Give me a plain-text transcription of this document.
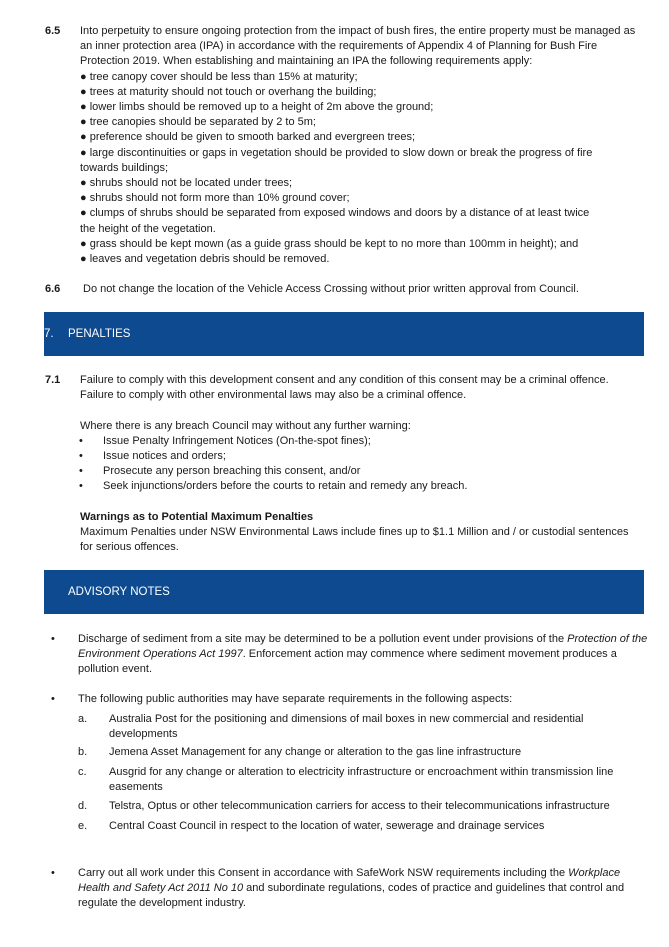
6.5 Into perpetuity to ensure ongoing protection from the impact of bush fires, the entire property must be managed as
an inner protection area (IPA) in accordance with the requirements of Appendix 4 of Planning for Bush Fire
Protection 2019. When establishing and maintaining an IPA the following requirements apply:
● tree canopy cover should be less than 15% at maturity;
● trees at maturity should not touch or overhang the building;
● lower limbs should be removed up to a height of 2m above the ground;
● tree canopies should be separated by 2 to 5m;
● preference should be given to smooth barked and evergreen trees;
● large discontinuities or gaps in vegetation should be provided to slow down or break the progress of fire
towards buildings;
● shrubs should not be located under trees;
● shrubs should not form more than 10% ground cover;
● clumps of shrubs should be separated from exposed windows and doors by a distance of at least twice
the height of the vegetation.
● grass should be kept mown (as a guide grass should be kept to no more than 100mm in height); and
● leaves and vegetation debris should be removed.
6.6 Do not change the location of the Vehicle Access Crossing without prior written approval from Council.
7. PENALTIES
7.1 Failure to comply with this development consent and any condition of this consent may be a criminal offence.
Failure to comply with other environmental laws may also be a criminal offence.
Where there is any breach Council may without any further warning:
• Issue Penalty Infringement Notices (On-the-spot fines);
• Issue notices and orders;
• Prosecute any person breaching this consent, and/or
• Seek injunctions/orders before the courts to retain and remedy any breach.
Warnings as to Potential Maximum Penalties
Maximum Penalties under NSW Environmental Laws include fines up to $1.1 Million and / or custodial sentences
for serious offences.
ADVISORY NOTES
• Discharge of sediment from a site may be determined to be a pollution event under provisions of the Protection of the
Environment Operations Act 1997. Enforcement action may commence where sediment movement produces a
pollution event.
• The following public authorities may have separate requirements in the following aspects:
a. Australia Post for the positioning and dimensions of mail boxes in new commercial and residential
developments
b. Jemena Asset Management for any change or alteration to the gas line infrastructure
c. Ausgrid for any change or alteration to electricity infrastructure or encroachment within transmission line
easements
d. Telstra, Optus or other telecommunication carriers for access to their telecommunications infrastructure
e. Central Coast Council in respect to the location of water, sewerage and drainage services
• Carry out all work under this Consent in accordance with SafeWork NSW requirements including the Workplace
Health and Safety Act 2011 No 10 and subordinate regulations, codes of practice and guidelines that control and
regulate the development industry.
